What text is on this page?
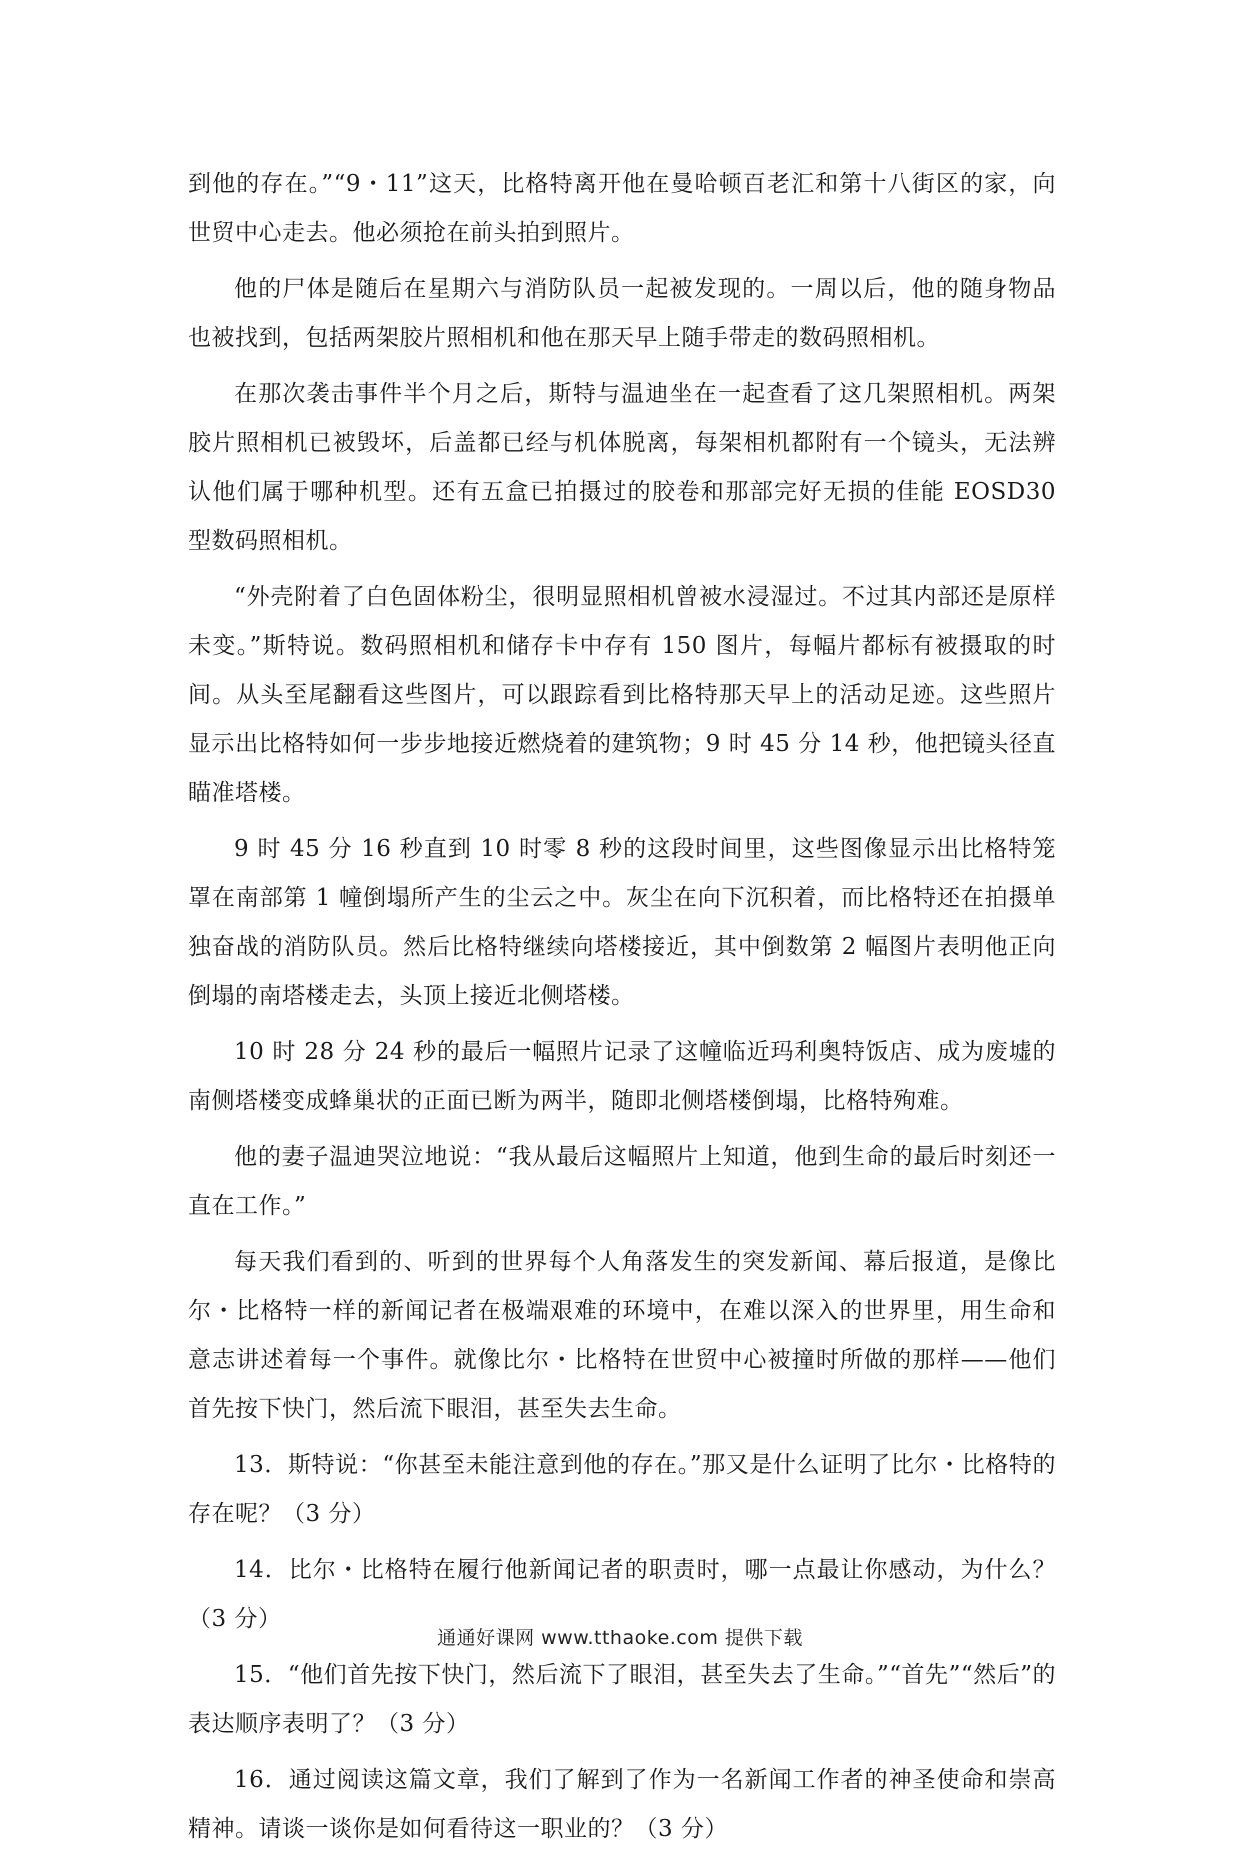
到他的存在。”“9・11”这天，比格特离开他在曼哈顿百老汇和第十八街区的家，向世贸中心走去。他必须抢在前头拍到照片。

他的尸体是随后在星期六与消防队员一起被发现的。一周以后，他的随身物品也被找到，包括两架胶片照相机和他在那天早上随手带走的数码照相机。

在那次袭击事件半个月之后，斯特与温迪坐在一起查看了这几架照相机。两架胶片照相机已被毁坏，后盖都已经与机体脱离，每架相机都附有一个镜头，无法辨认他们属于哪种机型。还有五盒已拍摄过的胶卷和那部完好无损的佳能 EOSD30 型数码照相机。

“外壳附着了白色固体粉尘，很明显照相机曾被水浸湿过。不过其内部还是原样未变。”斯特说。数码照相机和储存卡中存有 150 图片，每幅片都标有被摄取的时间。从头至尾翻看这些图片，可以跟踪看到比格特那天早上的活动足迹。这些照片显示出比格特如何一步步地接近燃烧着的建筑物；9 时 45 分 14 秒，他把镜头径直瞄准塔楼。

9 时 45 分 16 秒直到 10 时零 8 秒的这段时间里，这些图像显示出比格特笼罩在南部第 1 幢倒塌所产生的尘云之中。灰尘在向下沉积着，而比格特还在拍摄单独奋战的消防队员。然后比格特继续向塔楼接近，其中倒数第 2 幅图片表明他正向倒塌的南塔楼走去，头顶上接近北侧塔楼。

10 时 28 分 24 秒的最后一幅照片记录了这幢临近玛利奥特饭店、成为废墟的南侧塔楼变成蜂巢状的正面已断为两半，随即北侧塔楼倒塌，比格特殉难。

他的妻子温迪哭泣地说：“我从最后这幅照片上知道，他到生命的最后时刻还一直在工作。”

每天我们看到的、听到的世界每个人角落发生的突发新闻、幕后报道，是像比尔・比格特一样的新闻记者在极端艰难的环境中，在难以深入的世界里，用生命和意志讲述着每一个事件。就像比尔・比格特在世贸中心被撞时所做的那样——他们首先按下快门，然后流下眼泪，甚至失去生命。

13．斯特说：“你甚至未能注意到他的存在。”那又是什么证明了比尔・比格特的存在呢？（3 分）

14．比尔・比格特在履行他新闻记者的职责时，哪一点最让你感动，为什么？（3 分）

15．“他们首先按下快门，然后流下了眼泪，甚至失去了生命。”“首先”“然后”的表达顺序表明了？（3 分）

16．通过阅读这篇文章，我们了解到了作为一名新闻工作者的神圣使命和崇高精神。请谈一谈你是如何看待这一职业的？（3 分）

通通好课网 www.tthaoke.com 提供下载
